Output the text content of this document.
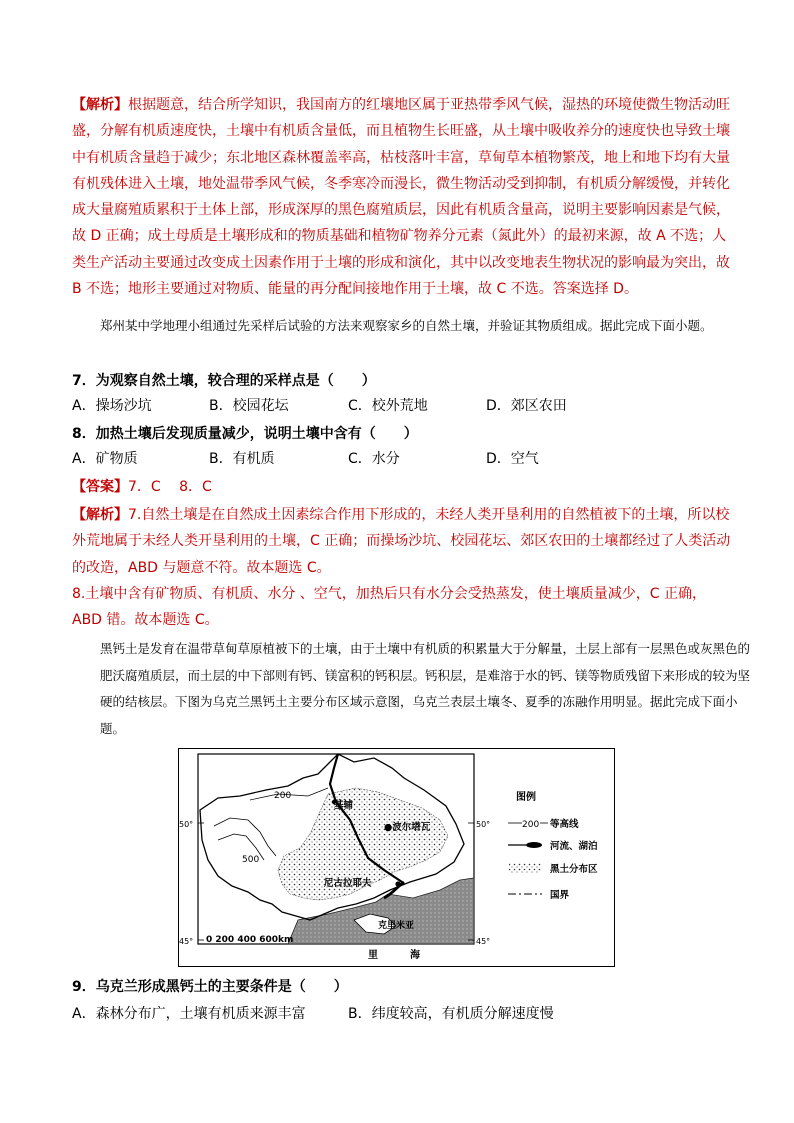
【解析】根据题意，结合所学知识，我国南方的红壤地区属于亚热带季风气候，湿热的环境使微生物活动旺盛，分解有机质速度快，土壤中有机质含量低，而且植物生长旺盛，从土壤中吸收养分的速度快也导致土壤中有机质含量趋于减少；东北地区森林覆盖率高，枯枝落叶丰富，草甸草本植物繁茂，地上和地下均有大量有机残体进入土壤，地处温带季风气候，冬季寒冷而漫长，微生物活动受到抑制，有机质分解缓慢，并转化成大量腐殖质累积于土体上部，形成深厚的黑色腐殖质层，因此有机质含量高，说明主要影响因素是气候，故 D 正确；成土母质是土壤形成和的物质基础和植物矿物养分元素（氮此外）的最初来源，故 A 不选；人类生产活动主要通过改变成土因素作用于土壤的形成和演化，其中以改变地表生物状况的影响最为突出，故 B 不选；地形主要通过对物质、能量的再分配间接地作用于土壤，故 C 不选。答案选择 D。

郑州某中学地理小组通过先采样后试验的方法来观察家乡的自然土壤，并验证其物质组成。据此完成下面小题。

7．为观察自然土壤，较合理的采样点是（　　）

A．操场沙坑	B．校园花坛	C．校外荒地	D．郊区农田

8．加热土壤后发现质量减少，说明土壤中含有（　　）

A．矿物质	B．有机质	C．水分	D．空气

【答案】7．C　 8．C

【解析】7.自然土壤是在自然成土因素综合作用下形成的，未经人类开垦利用的自然植被下的土壤，所以校外荒地属于未经人类开垦利用的土壤，C 正确；而操场沙坑、校园花坛、郊区农田的土壤都经过了人类活动的改造，ABD 与题意不符。故本题选 C。

8.土壤中含有矿物质、有机质、水分 、空气，加热后只有水分会受热蒸发，使土壤质量减少，C 正确，ABD 错。故本题选 C。

黑钙土是发育在温带草甸草原植被下的土壤，由于土壤中有机质的积累量大于分解量，土层上部有一层黑色或灰黑色的肥沃腐殖质层，而土层的中下部则有钙、镁富积的钙积层。钙积层，是难溶于水的钙、镁等物质残留下来形成的较为坚硬的结核层。下图为乌克兰黑钙土主要分布区域示意图，乌克兰表层土壤冬、夏季的冻融作用明显。据此完成下面小题。

200
500
50°	50°
45°	45°
基辅
●波尔塔瓦
尼古拉耶夫
克里米亚
里	海
0 200 400 600km
图例
200 等高线
河流、湖泊
黑土分布区
国界

9．乌克兰形成黑钙土的主要条件是（　　）

A．森林分布广，土壤有机质来源丰富	B．纬度较高，有机质分解速度慢
